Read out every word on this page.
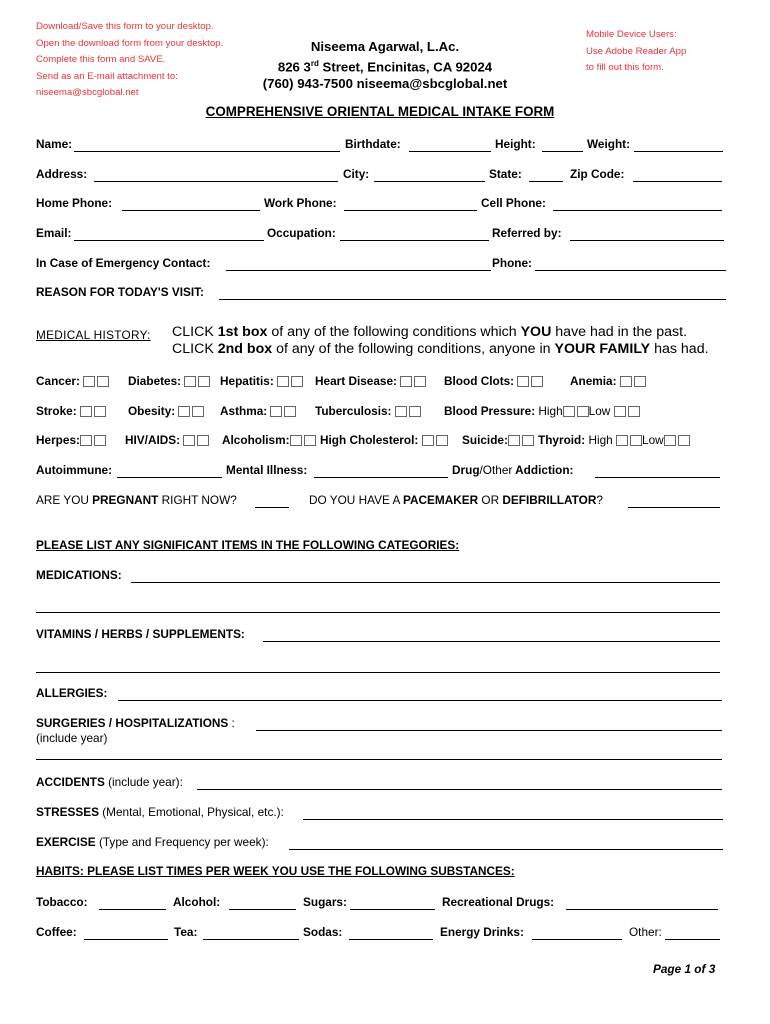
Download/Save this form to your desktop.
Open the download form from your desktop.
Complete this form and SAVE.
Send as an E-mail attachment to:
niseema@sbcglobal.net
Niseema Agarwal, L.Ac.
826 3rd Street, Encinitas, CA 92024
(760) 943-7500 niseema@sbcglobal.net
Mobile Device Users:
Use Adobe Reader App
to fill out this form.
COMPREHENSIVE ORIENTAL MEDICAL INTAKE FORM
Name:	Birthdate:	Height:	Weight:
Address:	City:	State:	Zip Code:
Home Phone:	Work Phone:	Cell Phone:
Email:	Occupation:	Referred by:
In Case of Emergency Contact:	Phone:
REASON FOR TODAY'S VISIT:
MEDICAL HISTORY: CLICK 1st box of any of the following conditions which YOU have had in the past.
CLICK 2nd box of any of the following conditions, anyone in YOUR FAMILY has had.
Cancer:	Diabetes:	Hepatitis:	Heart Disease:	Blood Clots:	Anemia:
Stroke:	Obesity:	Asthma:	Tuberculosis:	Blood Pressure: High Low
Herpes:	HIV/AIDS:	Alcoholism:	High Cholesterol:	Suicide:	Thyroid: High Low
Autoimmune:	Mental Illness:	Drug/Other Addiction:
ARE YOU PREGNANT RIGHT NOW?	DO YOU HAVE A PACEMAKER OR DEFIBRILLATOR?
PLEASE LIST ANY SIGNIFICANT ITEMS IN THE FOLLOWING CATEGORIES:
MEDICATIONS:
VITAMINS / HERBS / SUPPLEMENTS:
ALLERGIES:
SURGERIES / HOSPITALIZATIONS :
(include year)
ACCIDENTS (include year):
STRESSES (Mental, Emotional, Physical, etc.):
EXERCISE (Type and Frequency per week):
HABITS: PLEASE LIST TIMES PER WEEK YOU USE THE FOLLOWING SUBSTANCES:
Tobacco:	Alcohol:	Sugars:	Recreational Drugs:
Coffee:	Tea:	Sodas:	Energy Drinks:	Other:
Page 1 of 3
